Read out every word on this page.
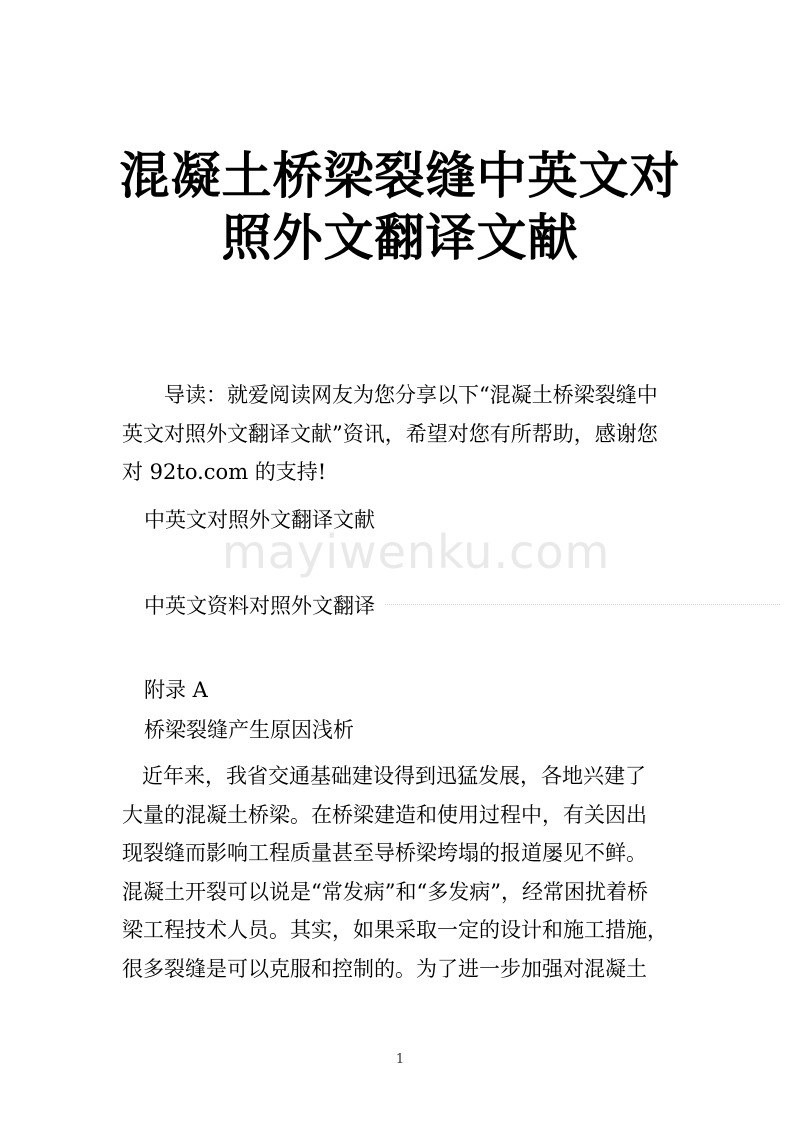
混凝土桥梁裂缝中英文对
照外文翻译文献
mayiwenku.com

导读：就爱阅读网友为您分享以下“混凝土桥梁裂缝中
英文对照外文翻译文献”资讯，希望对您有所帮助，感谢您
对 92to.com 的支持!

中英文对照外文翻译文献

中英文资料对照外文翻译

附录 A

桥梁裂缝产生原因浅析

近年来，我省交通基础建设得到迅猛发展，各地兴建了
大量的混凝土桥梁。在桥梁建造和使用过程中，有关因出
现裂缝而影响工程质量甚至导桥梁垮塌的报道屡见不鲜。
混凝土开裂可以说是“常发病”和“多发病”，经常困扰着桥
梁工程技术人员。其实，如果采取一定的设计和施工措施，
很多裂缝是可以克服和控制的。为了进一步加强对混凝土

1
